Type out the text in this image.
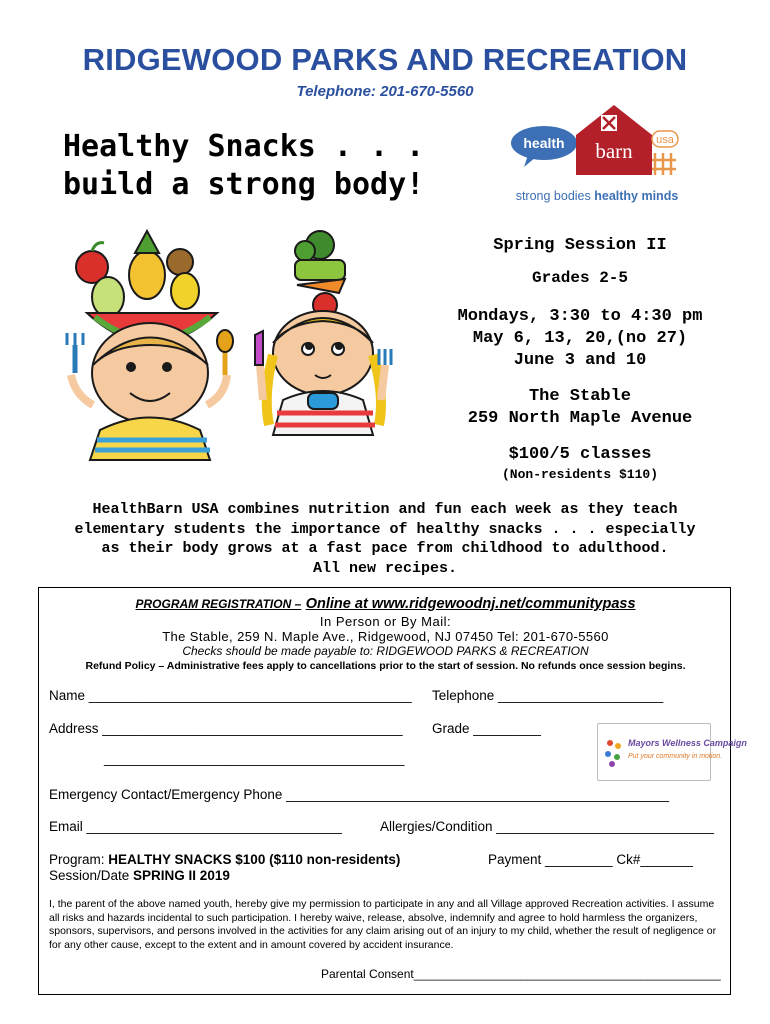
RIDGEWOOD PARKS AND RECREATION
Telephone: 201-670-5560
Healthy Snacks . . .
build a strong body!
health barn usa
strong bodies healthy minds
Spring Session II
Grades 2-5
Mondays, 3:30 to 4:30 pm
May 6, 13, 20,(no 27)
June 3 and 10
The Stable
259 North Maple Avenue
$100/5 classes
(Non-residents $110)
HealthBarn USA combines nutrition and fun each week as they teach
elementary students the importance of healthy snacks . . . especially
as their body grows at a fast pace from childhood to adulthood.
All new recipes.
PROGRAM REGISTRATION – Online at www.ridgewoodnj.net/communitypass
In Person or By Mail:
The Stable, 259 N. Maple Ave., Ridgewood, NJ 07450 Tel: 201-670-5560
Checks should be made payable to: RIDGEWOOD PARKS & RECREATION
Refund Policy – Administrative fees apply to cancellations prior to the start of session. No refunds once session begins.
Name ___________________________________________ Telephone ______________________
Address ________________________________________ Grade _________
________________________________________
Mayors Wellness Campaign
Put your community in motion.
Emergency Contact/Emergency Phone ___________________________________________________
Email __________________________________	Allergies/Condition _____________________________
Program: HEALTHY SNACKS $100 ($110 non-residents)	Payment _________ Ck#_______
Session/Date SPRING II 2019
I, the parent of the above named youth, hereby give my permission to participate in any and all Village approved Recreation activities. I assume all risks and hazards incidental to such participation. I hereby waive, release, absolve, indemnify and agree to hold harmless the organizers, sponsors, supervisors, and persons involved in the activities for any claim arising out of an injury to my child, whether the result of negligence or for any other cause, except to the extent and in amount covered by accident insurance.
Parental Consent______________________________________________
